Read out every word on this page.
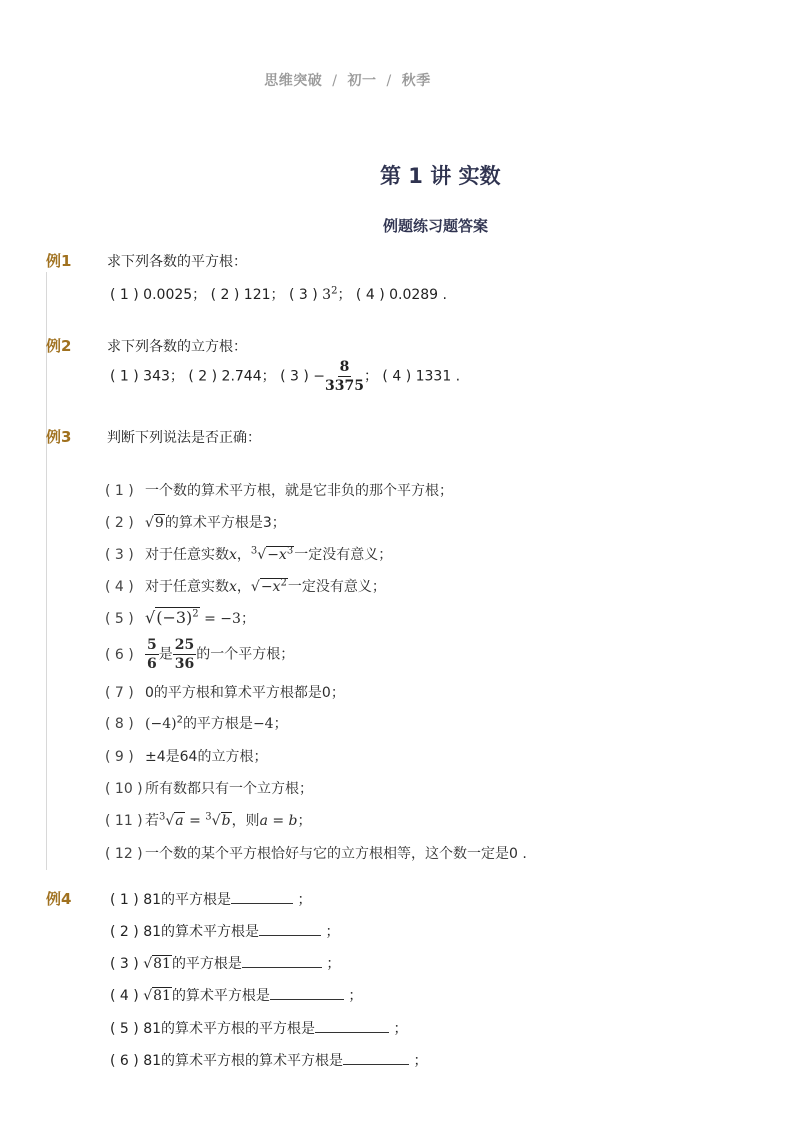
思维突破 / 初一 / 秋季
第 1 讲 实数
例题练习题答案
例1	求下列各数的平方根：
( 1 ) 0.0025； ( 2 ) 121； ( 3 ) $3^2$； ( 4 ) 0.0289 .
例2	求下列各数的立方根：
( 1 ) 343； ( 2 ) 2.744； ( 3 ) − $\frac{8}{3375}$ ； ( 4 ) 1331 .
例3	判断下列说法是否正确：
( 1 ) 一个数的算术平方根，就是它非负的那个平方根；
( 2 ) √9的算术平方根是3；
( 3 ) 对于任意实数x，$^3√-x^3$一定没有意义；
( 4 ) 对于任意实数x，$√-x^2$一定没有意义；
( 5 ) $√(-3)^2 = -3$；
( 6 ) $\frac{5}{6}$ 是 $\frac{25}{36}$ 的一个平方根；
( 7 ) 0的平方根和算术平方根都是0；
( 8 ) $(-4)^2$的平方根是−4；
( 9 ) ±4是64的立方根；
( 10 ) 所有数都只有一个立方根；
( 11 ) 若$^3$√a = $^3$√b，则a = b；
( 12 ) 一个数的某个平方根恰好与它的立方根相等，这个数一定是0 .
例4	( 1 ) 81的平方根是	；
( 2 ) 81的算术平方根是	；
( 3 ) √81的平方根是	；
( 4 ) √81的算术平方根是	；
( 5 ) 81的算术平方根的平方根是	；
( 6 ) 81的算术平方根的算术平方根是	；
